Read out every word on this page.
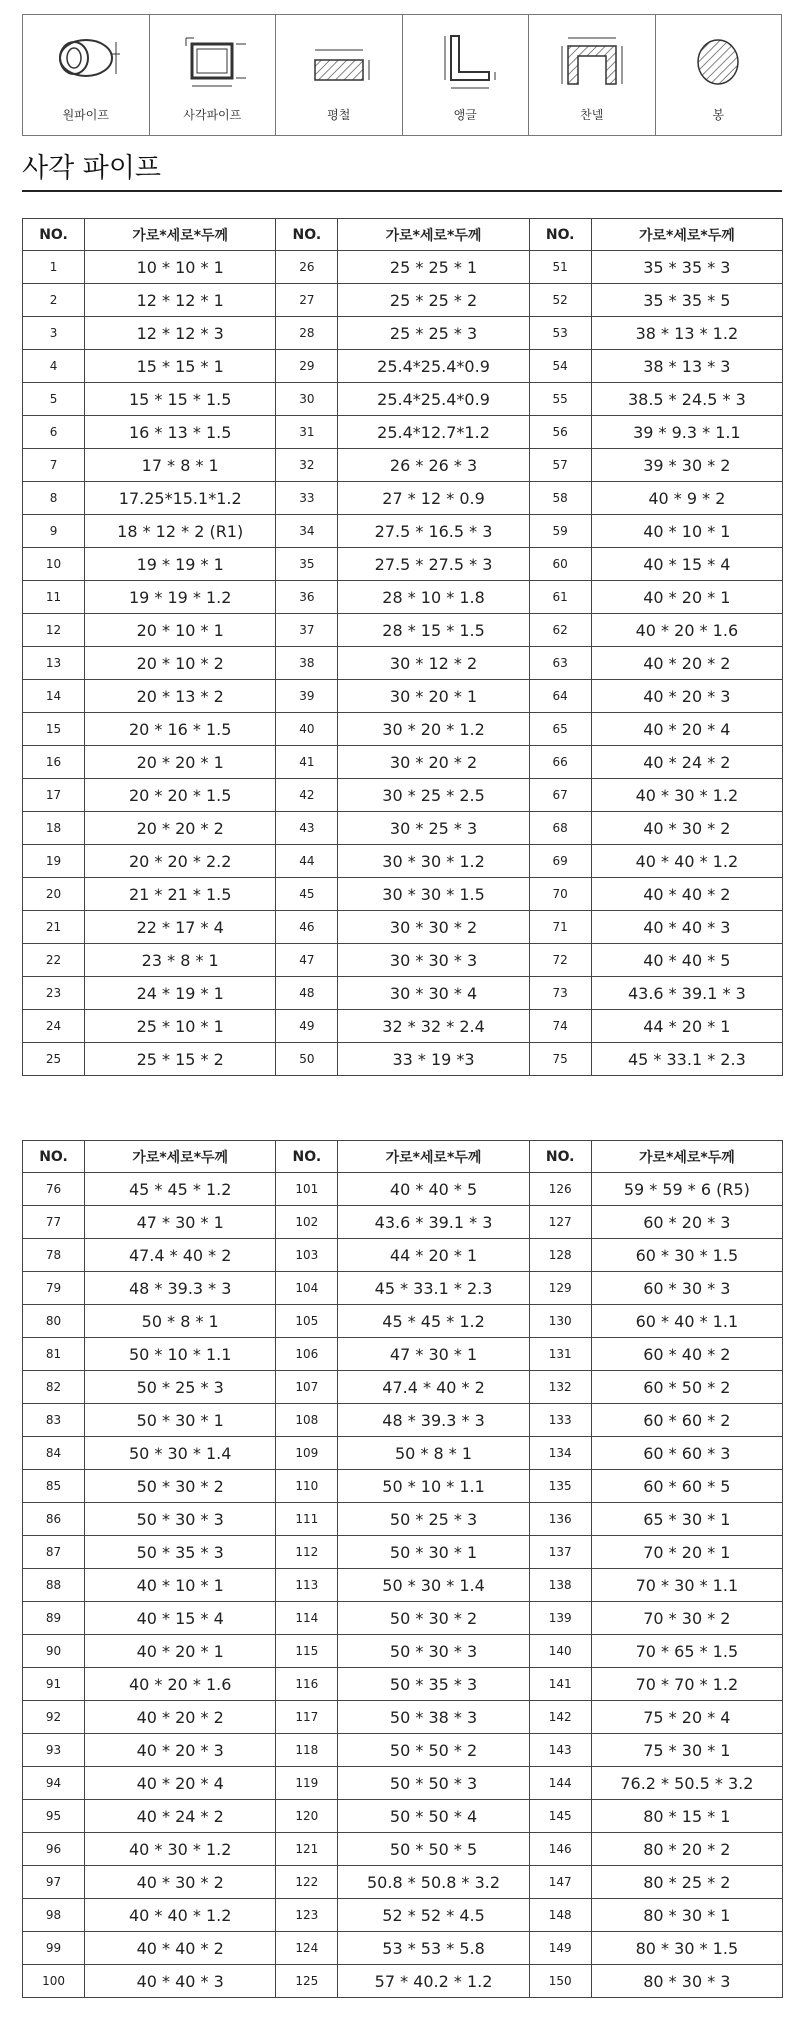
원파이프	사각파이프	평철	앵글	찬넬	봉
사각 파이프
NO.	가로*세로*두께	NO.	가로*세로*두께	NO.	가로*세로*두께
1	10 * 10 * 1	26	25 * 25 * 1	51	35 * 35 * 3
2	12 * 12 * 1	27	25 * 25 * 2	52	35 * 35 * 5
3	12 * 12 * 3	28	25 * 25 * 3	53	38 * 13 * 1.2
4	15 * 15 * 1	29	25.4*25.4*0.9	54	38 * 13 * 3
5	15 * 15 * 1.5	30	25.4*25.4*0.9	55	38.5 * 24.5 * 3
6	16 * 13 * 1.5	31	25.4*12.7*1.2	56	39 * 9.3 * 1.1
7	17 * 8 * 1	32	26 * 26 * 3	57	39 * 30 * 2
8	17.25*15.1*1.2	33	27 * 12 * 0.9	58	40 * 9 * 2
9	18 * 12 * 2 (R1)	34	27.5 * 16.5 * 3	59	40 * 10 * 1
10	19 * 19 * 1	35	27.5 * 27.5 * 3	60	40 * 15 * 4
11	19 * 19 * 1.2	36	28 * 10 * 1.8	61	40 * 20 * 1
12	20 * 10 * 1	37	28 * 15 * 1.5	62	40 * 20 * 1.6
13	20 * 10 * 2	38	30 * 12 * 2	63	40 * 20 * 2
14	20 * 13 * 2	39	30 * 20 * 1	64	40 * 20 * 3
15	20 * 16 * 1.5	40	30 * 20 * 1.2	65	40 * 20 * 4
16	20 * 20 * 1	41	30 * 20 * 2	66	40 * 24 * 2
17	20 * 20 * 1.5	42	30 * 25 * 2.5	67	40 * 30 * 1.2
18	20 * 20 * 2	43	30 * 25 * 3	68	40 * 30 * 2
19	20 * 20 * 2.2	44	30 * 30 * 1.2	69	40 * 40 * 1.2
20	21 * 21 * 1.5	45	30 * 30 * 1.5	70	40 * 40 * 2
21	22 * 17 * 4	46	30 * 30 * 2	71	40 * 40 * 3
22	23 * 8 * 1	47	30 * 30 * 3	72	40 * 40 * 5
23	24 * 19 * 1	48	30 * 30 * 4	73	43.6 * 39.1 * 3
24	25 * 10 * 1	49	32 * 32 * 2.4	74	44 * 20 * 1
25	25 * 15 * 2	50	33 * 19 *3	75	45 * 33.1 * 2.3
NO.	가로*세로*두께	NO.	가로*세로*두께	NO.	가로*세로*두께
76	45 * 45 * 1.2	101	40 * 40 * 5	126	59 * 59 * 6 (R5)
77	47 * 30 * 1	102	43.6 * 39.1 * 3	127	60 * 20 * 3
78	47.4 * 40 * 2	103	44 * 20 * 1	128	60 * 30 * 1.5
79	48 * 39.3 * 3	104	45 * 33.1 * 2.3	129	60 * 30 * 3
80	50 * 8 * 1	105	45 * 45 * 1.2	130	60 * 40 * 1.1
81	50 * 10 * 1.1	106	47 * 30 * 1	131	60 * 40 * 2
82	50 * 25 * 3	107	47.4 * 40 * 2	132	60 * 50 * 2
83	50 * 30 * 1	108	48 * 39.3 * 3	133	60 * 60 * 2
84	50 * 30 * 1.4	109	50 * 8 * 1	134	60 * 60 * 3
85	50 * 30 * 2	110	50 * 10 * 1.1	135	60 * 60 * 5
86	50 * 30 * 3	111	50 * 25 * 3	136	65 * 30 * 1
87	50 * 35 * 3	112	50 * 30 * 1	137	70 * 20 * 1
88	40 * 10 * 1	113	50 * 30 * 1.4	138	70 * 30 * 1.1
89	40 * 15 * 4	114	50 * 30 * 2	139	70 * 30 * 2
90	40 * 20 * 1	115	50 * 30 * 3	140	70 * 65 * 1.5
91	40 * 20 * 1.6	116	50 * 35 * 3	141	70 * 70 * 1.2
92	40 * 20 * 2	117	50 * 38 * 3	142	75 * 20 * 4
93	40 * 20 * 3	118	50 * 50 * 2	143	75 * 30 * 1
94	40 * 20 * 4	119	50 * 50 * 3	144	76.2 * 50.5 * 3.2
95	40 * 24 * 2	120	50 * 50 * 4	145	80 * 15 * 1
96	40 * 30 * 1.2	121	50 * 50 * 5	146	80 * 20 * 2
97	40 * 30 * 2	122	50.8 * 50.8 * 3.2	147	80 * 25 * 2
98	40 * 40 * 1.2	123	52 * 52 * 4.5	148	80 * 30 * 1
99	40 * 40 * 2	124	53 * 53 * 5.8	149	80 * 30 * 1.5
100	40 * 40 * 3	125	57 * 40.2 * 1.2	150	80 * 30 * 3
